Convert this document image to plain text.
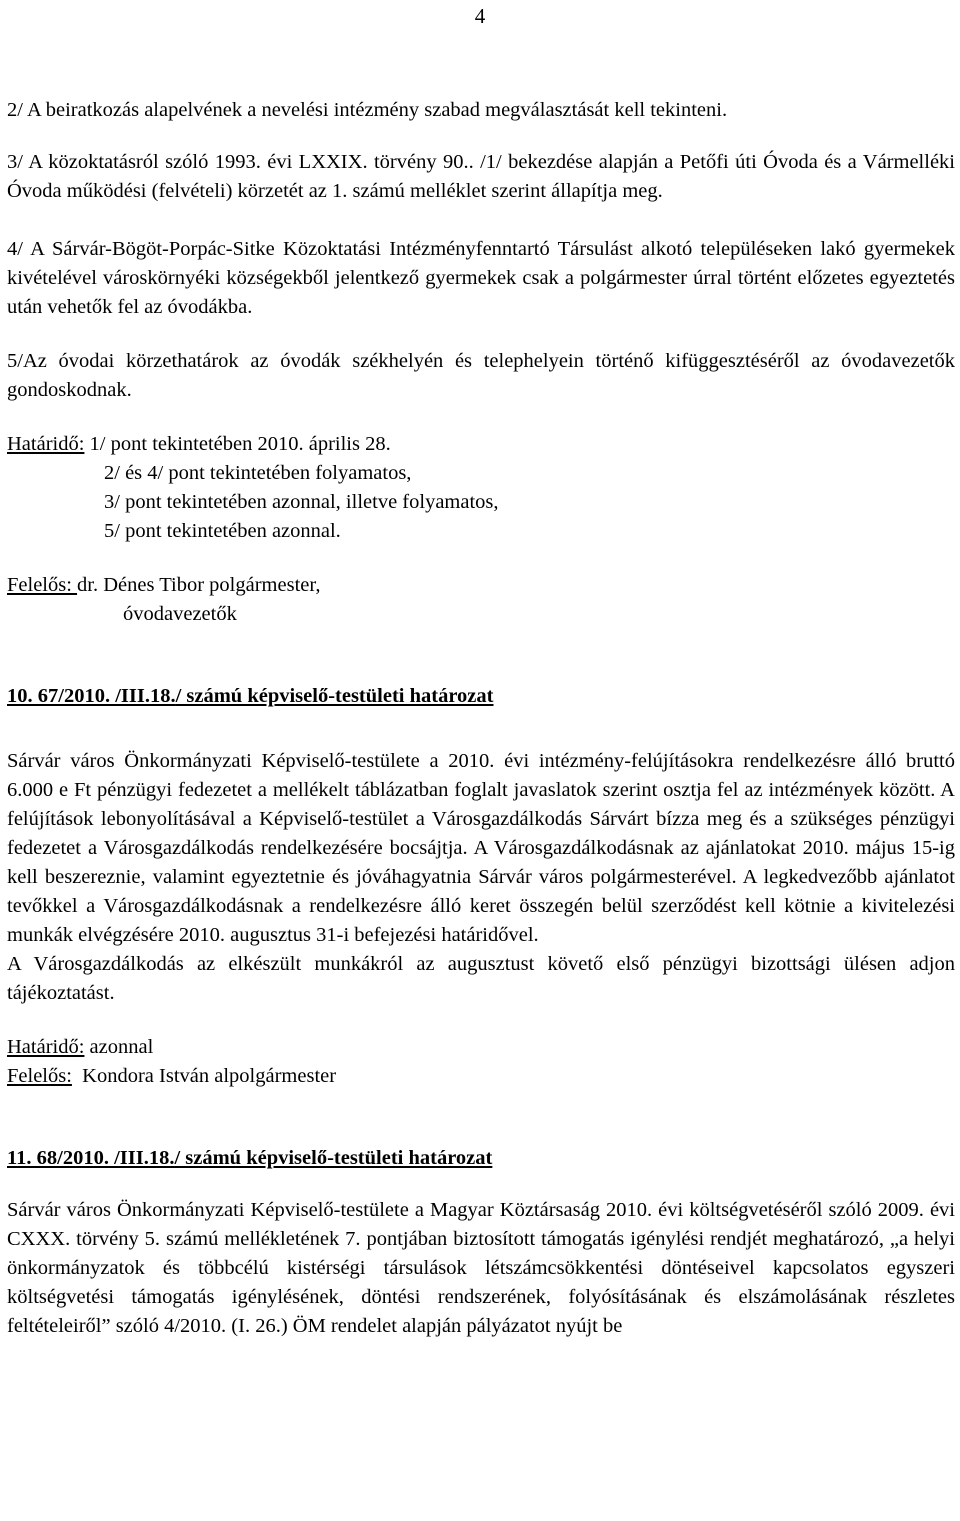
4

2/ A beiratkozás alapelvének a nevelési intézmény szabad megválasztását kell tekinteni.

3/ A közoktatásról szóló 1993. évi LXXIX. törvény 90.. /1/ bekezdése alapján a Petőfi úti Óvoda és a Vármelléki Óvoda működési (felvételi) körzetét az 1. számú melléklet szerint állapítja meg.

4/ A Sárvár-Bögöt-Porpác-Sitke Közoktatási Intézményfenntartó Társulást alkotó településeken lakó gyermekek kivételével városkörnyéki községekből jelentkező gyermekek csak a polgármester úrral történt előzetes egyeztetés után vehetők fel az óvodákba.

5/Az óvodai körzethatárok az óvodák székhelyén és telephelyein történő kifüggesztéséről az óvodavezetők gondoskodnak.

Határidő: 1/ pont tekintetében 2010. április 28.

2/ és 4/ pont tekintetében folyamatos,

3/ pont tekintetében azonnal, illetve folyamatos,

5/ pont tekintetében azonnal.

Felelős: dr. Dénes Tibor polgármester,

óvodavezetők

10. 67/2010. /III.18./ számú képviselő-testületi határozat

Sárvár város Önkormányzati Képviselő-testülete a 2010. évi intézmény-felújításokra rendelkezésre álló bruttó 6.000 e Ft pénzügyi fedezetet a mellékelt táblázatban foglalt javaslatok szerint osztja fel az intézmények között. A felújítások lebonyolításával a Képviselő-testület a Városgazdálkodás Sárvárt bízza meg és a szükséges pénzügyi fedezetet a Városgazdálkodás rendelkezésére bocsájtja. A Városgazdálkodásnak az ajánlatokat 2010. május 15-ig kell beszereznie, valamint egyeztetnie és jóváhagyatnia Sárvár város polgármesterével. A legkedvezőbb ajánlatot tevőkkel a Városgazdálkodásnak a rendelkezésre álló keret összegén belül szerződést kell kötnie a kivitelezési munkák elvégzésére 2010. augusztus 31-i befejezési határidővel.

A Városgazdálkodás az elkészült munkákról az augusztust követő első pénzügyi bizottsági ülésen adjon tájékoztatást.

Határidő: azonnal

Felelős:  Kondora István alpolgármester

11. 68/2010. /III.18./ számú képviselő-testületi határozat

Sárvár város Önkormányzati Képviselő-testülete a Magyar Köztársaság 2010. évi költségvetéséről szóló 2009. évi CXXX. törvény 5. számú mellékletének 7. pontjában biztosított támogatás igénylési rendjét meghatározó, „a helyi önkormányzatok és többcélú kistérségi társulások létszámcsökkentési döntéseivel kapcsolatos egyszeri költségvetési támogatás igénylésének, döntési rendszerének, folyósításának és elszámolásának részletes feltételeiről” szóló 4/2010. (I. 26.) ÖM rendelet alapján pályázatot nyújt be
